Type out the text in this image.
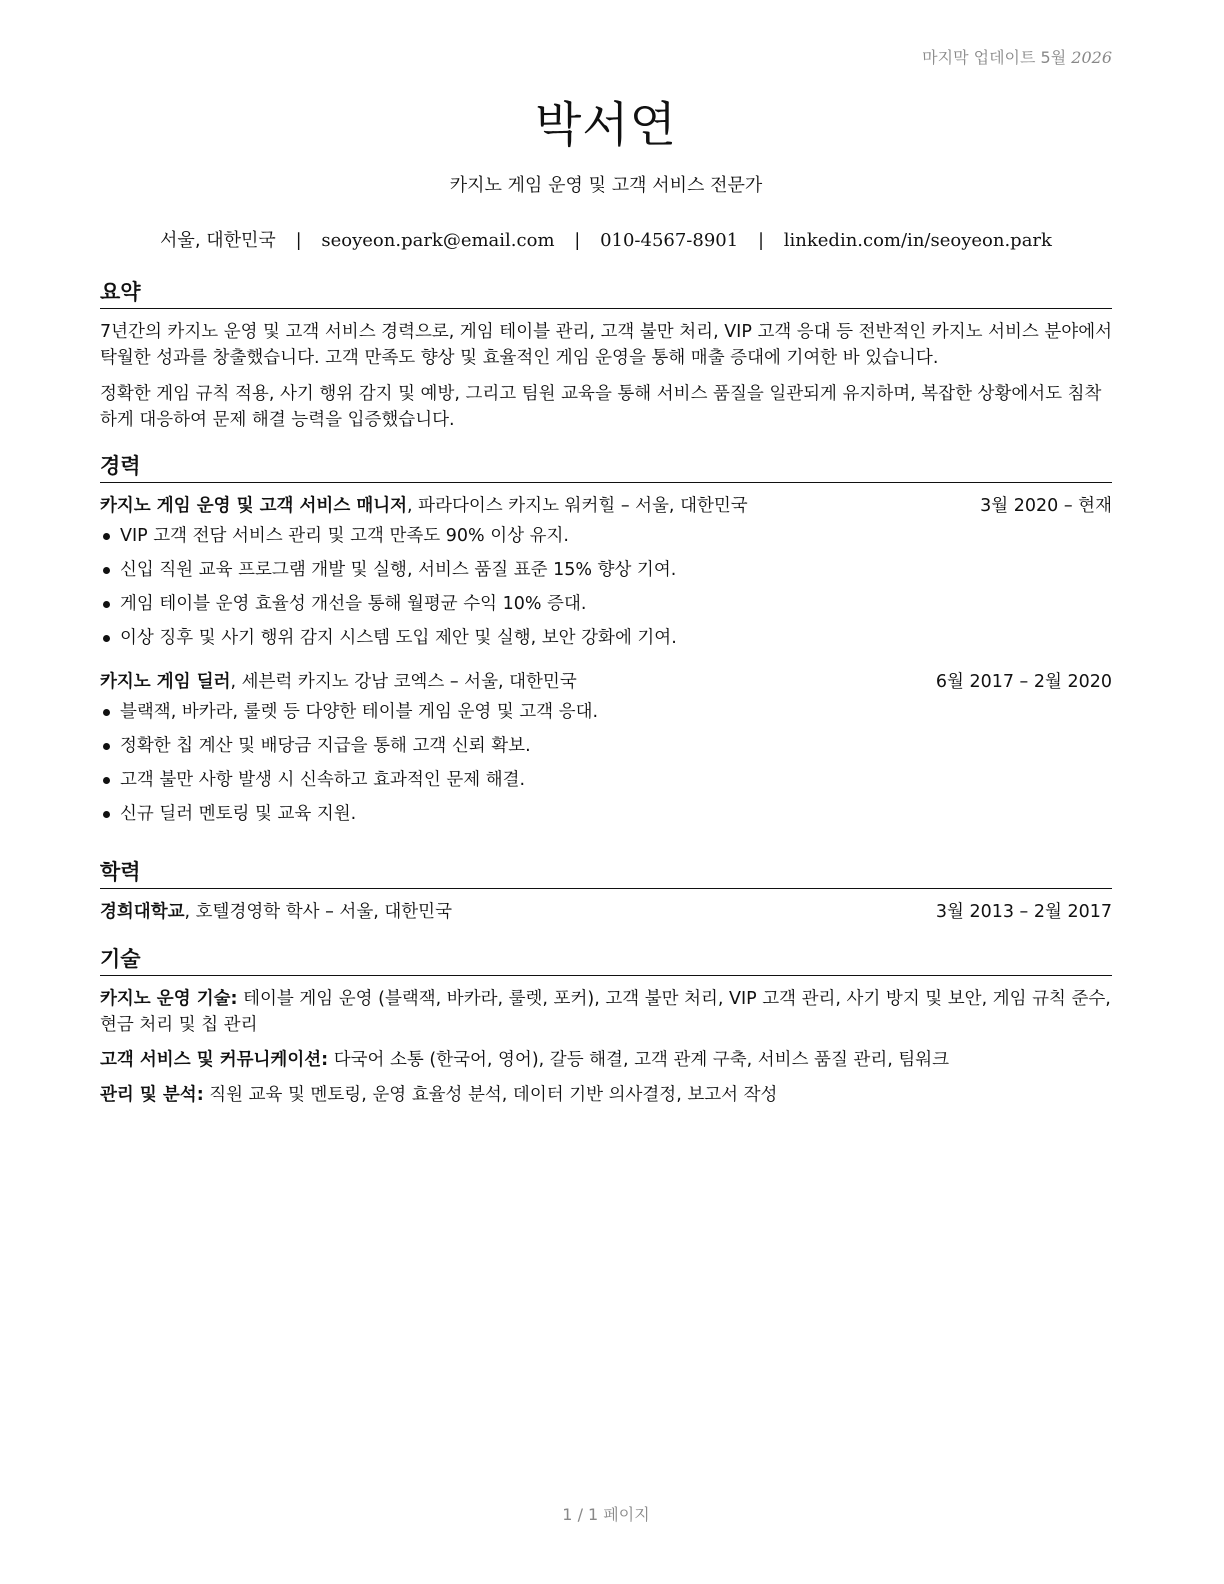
마지막 업데이트 5월 2026
박서연
카지노 게임 운영 및 고객 서비스 전문가
서울, 대한민국 | seoyeon.park@email.com | 010-4567-8901 | linkedin.com/in/seoyeon.park
요약

7년간의 카지노 운영 및 고객 서비스 경력으로, 게임 테이블 관리, 고객 불만 처리, VIP 고객 응대 등 전반적인 카지노 서비스 분야에서 탁월한 성과를 창출했습니다. 고객 만족도 향상 및 효율적인 게임 운영을 통해 매출 증대에 기여한 바 있습니다.

정확한 게임 규칙 적용, 사기 행위 감지 및 예방, 그리고 팀원 교육을 통해 서비스 품질을 일관되게 유지하며, 복잡한 상황에서도 침착하게 대응하여 문제 해결 능력을 입증했습니다.

경력
카지노 게임 운영 및 고객 서비스 매니저, 파라다이스 카지노 워커힐 – 서울, 대한민국	3월 2020 – 현재
VIP 고객 전담 서비스 관리 및 고객 만족도 90% 이상 유지.
신입 직원 교육 프로그램 개발 및 실행, 서비스 품질 표준 15% 향상 기여.
게임 테이블 운영 효율성 개선을 통해 월평균 수익 10% 증대.
이상 징후 및 사기 행위 감지 시스템 도입 제안 및 실행, 보안 강화에 기여.
카지노 게임 딜러, 세븐럭 카지노 강남 코엑스 – 서울, 대한민국	6월 2017 – 2월 2020
블랙잭, 바카라, 룰렛 등 다양한 테이블 게임 운영 및 고객 응대.
정확한 칩 계산 및 배당금 지급을 통해 고객 신뢰 확보.
고객 불만 사항 발생 시 신속하고 효과적인 문제 해결.
신규 딜러 멘토링 및 교육 지원.
학력
경희대학교, 호텔경영학 학사 – 서울, 대한민국	3월 2013 – 2월 2017
기술
카지노 운영 기술: 테이블 게임 운영 (블랙잭, 바카라, 룰렛, 포커), 고객 불만 처리, VIP 고객 관리, 사기 방지 및 보안, 게임 규칙 준수, 현금 처리 및 칩 관리
고객 서비스 및 커뮤니케이션: 다국어 소통 (한국어, 영어), 갈등 해결, 고객 관계 구축, 서비스 품질 관리, 팀워크
관리 및 분석: 직원 교육 및 멘토링, 운영 효율성 분석, 데이터 기반 의사결정, 보고서 작성
1 / 1 페이지
